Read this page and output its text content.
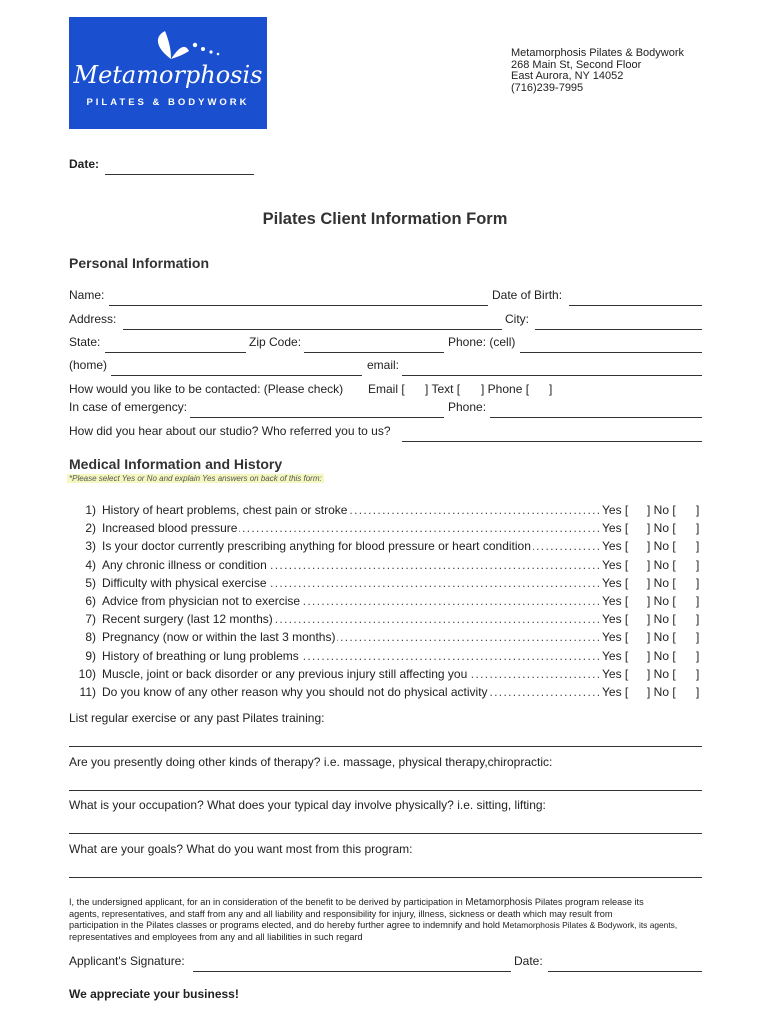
Metamorphosis
PILATES & BODYWORK
Metamorphosis Pilates & Bodywork
268 Main St, Second Floor
East Aurora, NY 14052
(716)239-7995
Date:
Pilates Client Information Form
Personal Information
Name:	Date of Birth:
Address:	City:
State:	Zip Code:	Phone: (cell)
(home)	email:
How would you like to be contacted: (Please check) Email [ ] Text [ ] Phone [ ]
In case of emergency:	Phone:
How did you hear about our studio? Who referred you to us?
Medical Information and History
*Please select Yes or No and explain Yes answers on back of this form:
1) . . . History of heart problems, chest pain or stroke	Yes [ ] No [ ]
2) . . . Increased blood pressure	Yes [ ] No [ ]
3) . . . Is your doctor currently prescribing anything for blood pressure or heart condition	Yes [ ] No [ ]
4) . . . Any chronic illness or condition	Yes [ ] No [ ]
5) . . . Difficulty with physical exercise	Yes [ ] No [ ]
6) . . . Advice from physician not to exercise	Yes [ ] No [ ]
7) . . . Recent surgery (last 12 months)	Yes [ ] No [ ]
8) . . . Pregnancy (now or within the last 3 months)	Yes [ ] No [ ]
9) . . . History of breathing or lung problems	Yes [ ] No [ ]
10) . . . Muscle, joint or back disorder or any previous injury still affecting you	Yes [ ] No [ ]
11) . . . Do you know of any other reason why you should not do physical activity	Yes [ ] No [ ]
List regular exercise or any past Pilates training:
Are you presently doing other kinds of therapy? i.e. massage, physical therapy,chiropractic:
What is your occupation? What does your typical day involve physically? i.e. sitting, lifting:
What are your goals? What do you want most from this program:
I, the undersigned applicant, for an in consideration of the benefit to be derived by participation in Metamorphosis Pilates program release its
agents, representatives, and staff from any and all liability and responsibility for injury, illness, sickness or death which may result from
participation in the Pilates classes or programs elected, and do hereby further agree to indemnify and hold Metamorphosis Pilates & Bodywork, its agents,
representatives and employees from any and all liabilities in such regard
Applicant's Signature:	Date:
We appreciate your business!
